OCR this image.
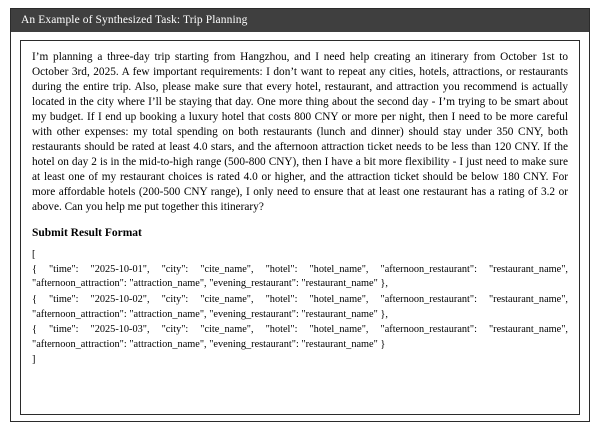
An Example of Synthesized Task: Trip Planning

I’m planning a three-day trip starting from Hangzhou, and I need help creating an itinerary from October 1st to October 3rd, 2025. A few important requirements: I don’t want to repeat any cities, hotels, attractions, or restaurants during the entire trip. Also, please make sure that every hotel, restaurant, and attraction you recommend is actually located in the city where I’ll be staying that day. One more thing about the second day - I’m trying to be smart about my budget. If I end up booking a luxury hotel that costs 800 CNY or more per night, then I need to be more careful with other expenses: my total spending on both restaurants (lunch and dinner) should stay under 350 CNY, both restaurants should be rated at least 4.0 stars, and the afternoon attraction ticket needs to be less than 120 CNY. If the hotel on day 2 is in the mid-to-high range (500-800 CNY), then I have a bit more flexibility - I just need to make sure at least one of my restaurant choices is rated 4.0 or higher, and the attraction ticket should be below 180 CNY. For more affordable hotels (200-500 CNY range), I only need to ensure that at least one restaurant has a rating of 3.2 or above. Can you help me put together this itinerary?

Submit Result Format

[
{ "time": "2025-10-01", "city": "cite_name", "hotel": "hotel_name", "afternoon_restaurant": "restaurant_name", "afternoon_attraction": "attraction_name", "evening_restaurant": "restaurant_name" },
{ "time": "2025-10-02", "city": "cite_name", "hotel": "hotel_name", "afternoon_restaurant": "restaurant_name", "afternoon_attraction": "attraction_name", "evening_restaurant": "restaurant_name" },
{ "time": "2025-10-03", "city": "cite_name", "hotel": "hotel_name", "afternoon_restaurant": "restaurant_name", "afternoon_attraction": "attraction_name", "evening_restaurant": "restaurant_name" }
]
